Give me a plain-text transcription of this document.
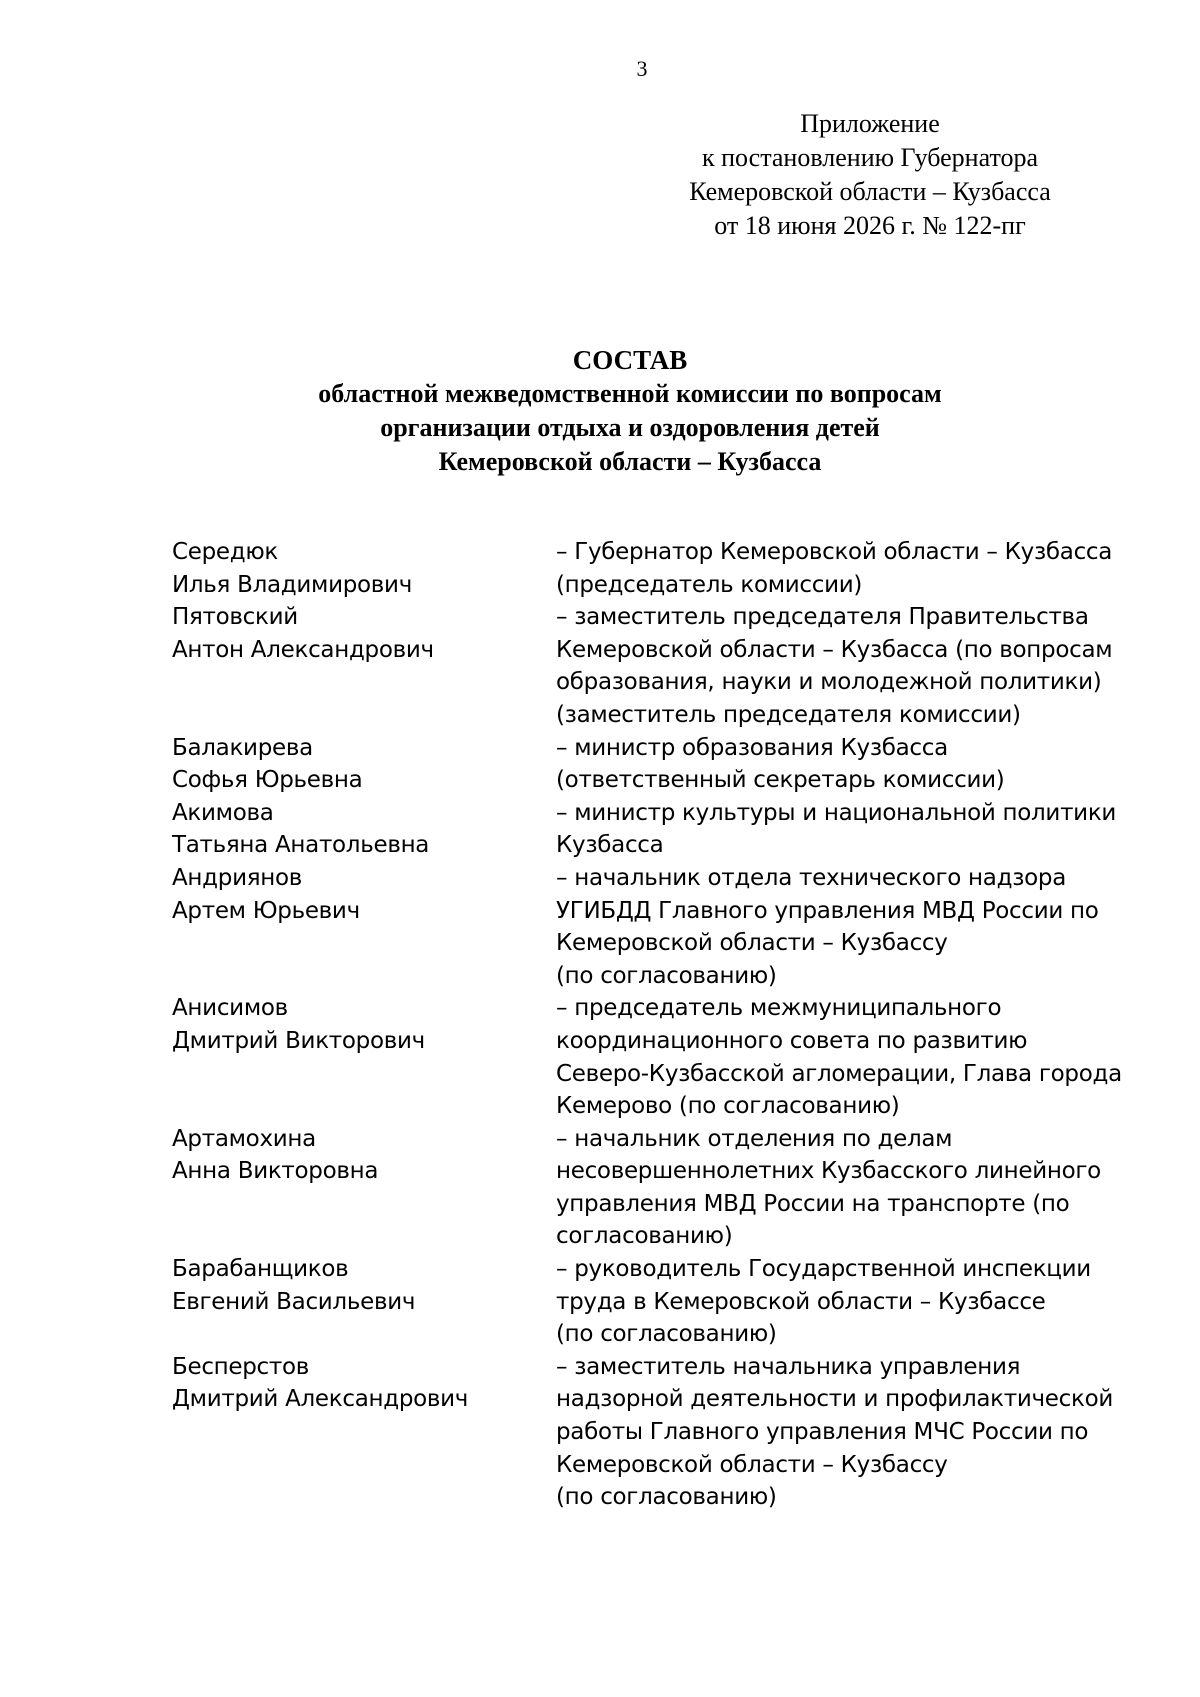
3
Приложение
к постановлению Губернатора
Кемеровской области – Кузбасса
от 18 июня 2026 г. № 122-пг
СОСТАВ
областной межведомственной комиссии по вопросам
организации отдыха и оздоровления детей
Кемеровской области – Кузбасса
Середюк
Илья Владимирович
– Губернатор Кемеровской области – Кузбасса
(председатель комиссии)
Пятовский
Антон Александрович
– заместитель председателя Правительства
Кемеровской области – Кузбасса (по вопросам
образования, науки и молодежной политики)
(заместитель председателя комиссии)
Балакирева
Софья Юрьевна
– министр образования Кузбасса
(ответственный секретарь комиссии)
Акимова
Татьяна Анатольевна
– министр культуры и национальной политики
Кузбасса
Андриянов
Артем Юрьевич
– начальник отдела технического надзора
УГИБДД Главного управления МВД России по
Кемеровской области – Кузбассу
(по согласованию)
Анисимов
Дмитрий Викторович
– председатель межмуниципального
координационного совета по развитию
Северо-Кузбасской агломерации, Глава города
Кемерово (по согласованию)
Артамохина
Анна Викторовна
– начальник отделения по делам
несовершеннолетних Кузбасского линейного
управления МВД России на транспорте (по
согласованию)
Барабанщиков
Евгений Васильевич
– руководитель Государственной инспекции
труда в Кемеровской области – Кузбассе
(по согласованию)
Бесперстов
Дмитрий Александрович
– заместитель начальника управления
надзорной деятельности и профилактической
работы Главного управления МЧС России по
Кемеровской области – Кузбассу
(по согласованию)
